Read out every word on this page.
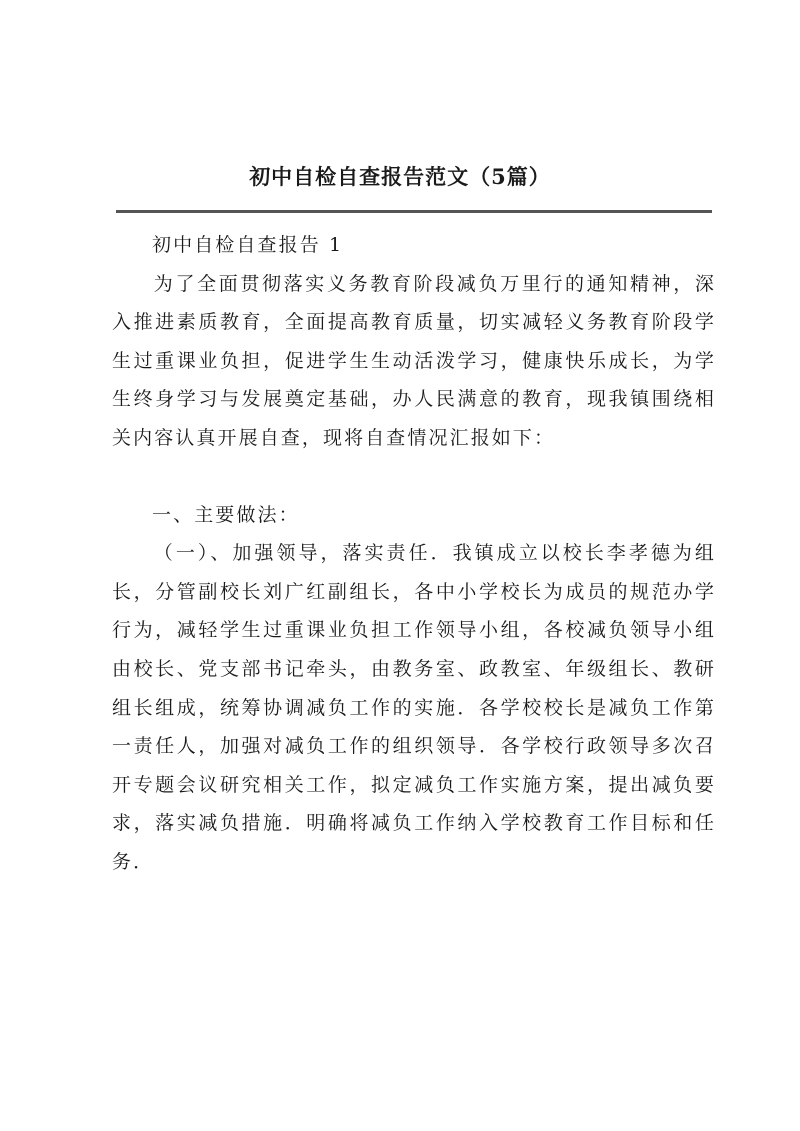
初中自检自查报告范文（5篇）

初中自检自查报告 1

为了全面贯彻落实义务教育阶段减负万里行的通知精神，深入推进素质教育，全面提高教育质量，切实减轻义务教育阶段学生过重课业负担，促进学生生动活泼学习，健康快乐成长，为学生终身学习与发展奠定基础，办人民满意的教育，现我镇围绕相关内容认真开展自查，现将自查情况汇报如下：

一、主要做法：

（一）、加强领导，落实责任．我镇成立以校长李孝德为组长，分管副校长刘广红副组长，各中小学校长为成员的规范办学行为，减轻学生过重课业负担工作领导小组，各校减负领导小组由校长、党支部书记牵头，由教务室、政教室、年级组长、教研组长组成，统筹协调减负工作的实施．各学校校长是减负工作第一责任人，加强对减负工作的组织领导．各学校行政领导多次召开专题会议研究相关工作，拟定减负工作实施方案，提出减负要求，落实减负措施．明确将减负工作纳入学校教育工作目标和任务．
